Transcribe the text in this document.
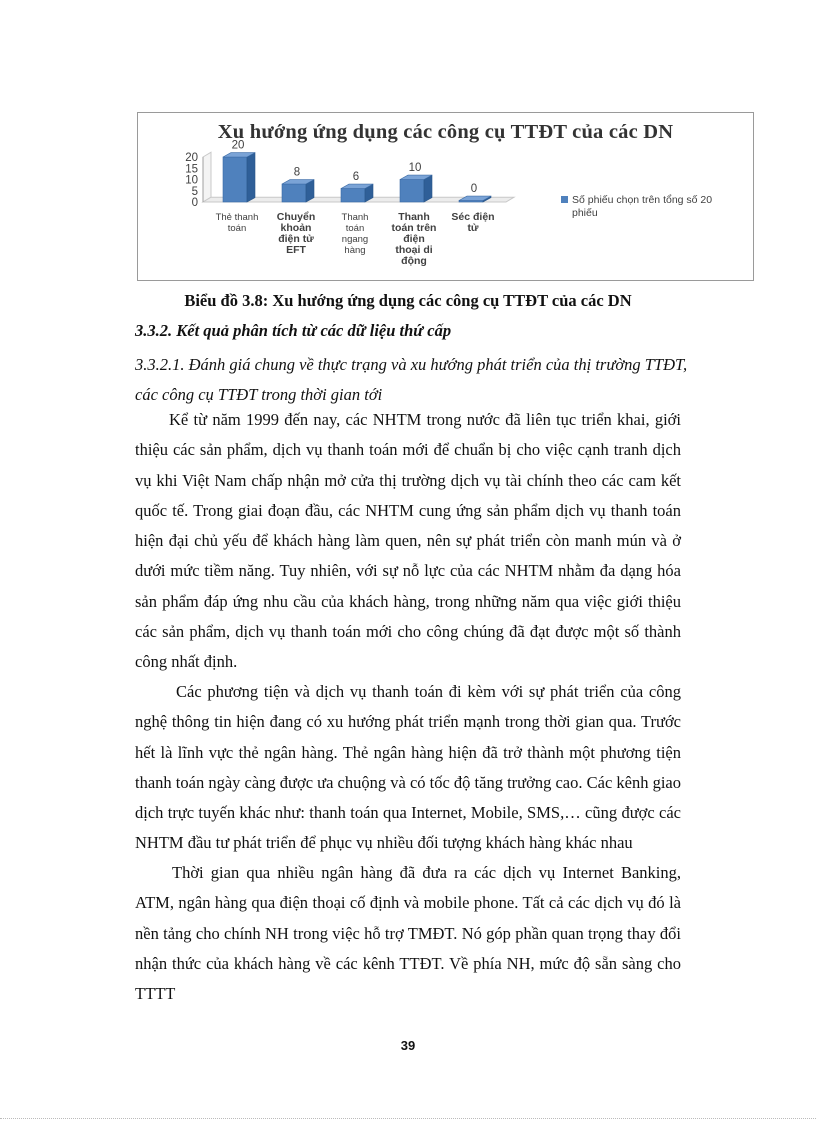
Xu hướng ứng dụng các công cụ TTĐT của các DN
20
15
10
5
0
20
Thẻ thanh
toán
8
Chuyển
khoản
điện tử
EFT
6
Thanh
toán
ngang
hàng
10
Thanh
toán trên
điện
thoại di
động
0
Séc điện
tử
Số phiếu chọn trên tổng số 20
phiếu
Biểu đồ 3.8: Xu hướng ứng dụng các công cụ TTĐT của các DN
3.3.2. Kết quả phân tích từ các dữ liệu thứ cấp
3.3.2.1. Đánh giá chung về thực trạng và xu hướng phát triển của thị trường TTĐT, các công cụ TTĐT trong thời gian tới

Kể từ năm 1999 đến nay, các NHTM trong nước đã liên tục triển khai, giới thiệu các sản phẩm, dịch vụ thanh toán mới để chuẩn bị cho việc cạnh tranh dịch vụ khi Việt Nam chấp nhận mở cửa thị trường dịch vụ tài chính theo các cam kết quốc tế. Trong giai đoạn đầu, các NHTM cung ứng sản phẩm dịch vụ thanh toán hiện đại chủ yếu để khách hàng làm quen, nên sự phát triển còn manh mún và ở dưới mức tiềm năng. Tuy nhiên, với sự nỗ lực của các NHTM nhằm đa dạng hóa sản phẩm đáp ứng nhu cầu của khách hàng, trong những năm qua việc giới thiệu các sản phẩm, dịch vụ thanh toán mới cho công chúng đã đạt được một số thành công nhất định.

Các phương tiện và dịch vụ thanh toán đi kèm với sự phát triển của công nghệ thông tin hiện đang có xu hướng phát triển mạnh trong thời gian qua. Trước hết là lĩnh vực thẻ ngân hàng. Thẻ ngân hàng hiện đã trở thành một phương tiện thanh toán ngày càng được ưa chuộng và có tốc độ tăng trưởng cao. Các kênh giao dịch trực tuyến khác như: thanh toán qua Internet, Mobile, SMS,… cũng được các NHTM đầu tư phát triển để phục vụ nhiều đối tượng khách hàng khác nhau

Thời gian qua nhiều ngân hàng đã đưa ra các dịch vụ Internet Banking, ATM, ngân hàng qua điện thoại cố định và mobile phone. Tất cả các dịch vụ đó là nền tảng cho chính NH trong việc hỗ trợ TMĐT. Nó góp phần quan trọng thay đổi nhận thức của khách hàng về các kênh TTĐT. Về phía NH, mức độ sẵn sàng cho TTTT

39
